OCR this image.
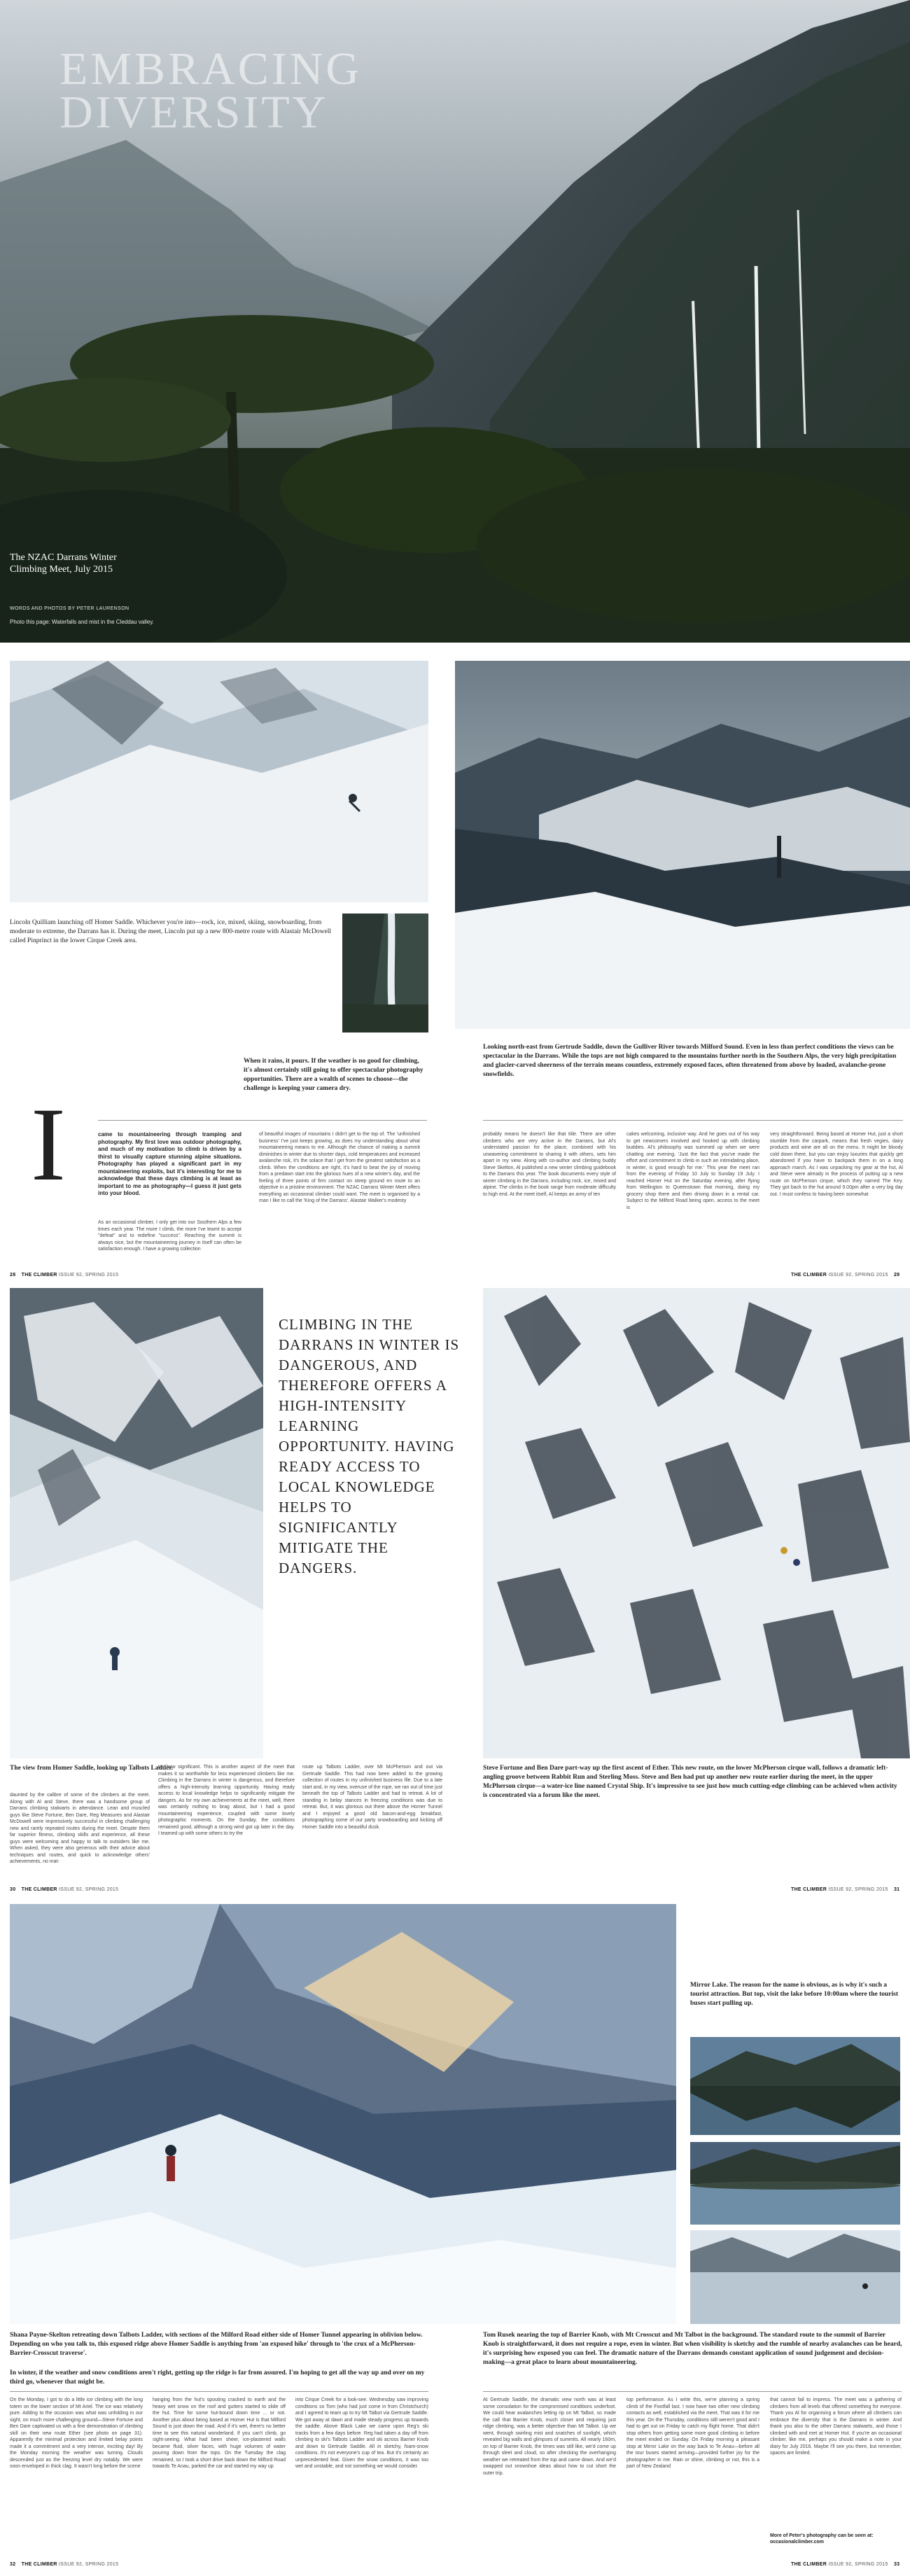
EMBRACING DIVERSITY
The NZAC Darrans Winter Climbing Meet, July 2015
WORDS AND PHOTOS BY PETER LAURENSON
Photo this page: Waterfalls and mist in the Cleddau valley.
Lincoln Quilliam launching off Homer Saddle. Whichever you're into—rock, ice, mixed, skiing, snowboarding, from moderate to extreme, the Darrans has it. During the meet, Lincoln put up a new 800-metre route with Alastair McDowell called Pinprinct in the lower Cirque Creek area.
Looking north-east from Gertrude Saddle, down the Gulliver River towards Milford Sound. Even in less than perfect conditions the views can be spectacular in the Darrans. While the tops are not high compared to the mountains further north in the Southern Alps, the very high precipitation and glacier-carved sheerness of the terrain means countless, extremely exposed faces, often threatened from above by loaded, avalanche-prone snowfields.
When it rains, it pours. If the weather is no good for climbing, it's almost certainly still going to offer spectacular photography opportunities. There are a wealth of scenes to choose—the challenge is keeping your camera dry.
I	came to mountaineering through tramping and photography. My first love was outdoor photography, and much of my motivation to climb is driven by a thirst to visually capture stunning alpine situations. Photography has played a significant part in my mountaineering exploits, but it's interesting for me to acknowledge that these days climbing is at least as important to me as photography—I guess it just gets into your blood.
As an occasional climber, I only get into our Southern Alps a few times each year. The more I climb, the more I've learnt to accept "defeat" and to redefine "success". Reaching the summit is always nice, but the mountaineering journey in itself can often be satisfaction enough. I have a growing collection
of beautiful images of mountains I didn't get to the top of. The 'unfinished business' I've just keeps growing, as does my understanding about what mountaineering means to me. Although the chance of making a summit diminishes in winter due to shorter days, cold temperatures and increased avalanche risk, it's the solace that I get from the greatest satisfaction as a climb. When the conditions are right, it's hard to beat the joy of moving from a predawn start into the glorious hues of a new winter's day, and the feeling of three points of firm contact on steep ground en route to an objective in a pristine environment. The NZAC Darrans Winter Meet offers everything an occasional climber could want. The meet is organised by a man I like to call the 'King of the Darrans'. Alastair Walker's modesty
probably means he doesn't like that title. There are other climbers who are very active in the Darrans, but Al's understated passion for the place, combined with his unwavering commitment to sharing it with others, sets him apart in my view. Along with co-author and climbing buddy Steve Skelton, Al published a new winter climbing guidebook to the Darrans this year. The book documents every style of winter climbing in the Darrans, including rock, ice, mixed and alpine. The climbs in the book range from moderate difficulty to high end. At the meet itself, Al keeps an army of ten
cakes welcoming, inclusive way. And he goes out of his way to get newcomers involved and hooked up with climbing buddies. Al's philosophy was summed up when we were chatting one evening. 'Just the fact that you've made the effort and commitment to climb in such an intimidating place, in winter, is good enough for me.' This year the meet ran from the evening of Friday 10 July to Sunday 19 July. I reached Homer Hut on the Saturday evening, after flying from Wellington to Queenstown that morning, doing my grocery shop there and then driving down in a rental car. Subject to the Milford Road being open, access to the meet is
very straightforward. Being based at Homer Hut, just a short stumble from the carpark, means that fresh vegies, dairy products and wine are all on the menu. It might be bloody cold down there, but you can enjoy luxuries that quickly get abandoned if you have to backpack them in on a long approach march. As I was unpacking my gear at the hut, Al and Steve were already in the process of putting up a new route on McPherson cirque, which they named The Key. They got back to the hut around 9.00pm after a very big day out. I must confess to having been somewhat
28 THE CLIMBER ISSUE 92, SPRING 2015	THE CLIMBER ISSUE 92, SPRING 2015 29
CLIMBING IN THE DARRANS IN WINTER IS DANGEROUS, AND THEREFORE OFFERS A HIGH-INTENSITY LEARNING OPPORTUNITY. HAVING READY ACCESS TO LOCAL KNOWLEDGE HELPS TO SIGNIFICANTLY MITIGATE THE DANGERS.
The view from Homer Saddle, looking up Talbots Ladder.	Steve Fortune and Ben Dare part-way up the first ascent of Ether. This new route, on the lower McPherson cirque wall, follows a dramatic left-angling groove between Rabbit Run and Sterling Moss. Steve and Ben had put up another new route earlier during the meet, in the upper McPherson cirque—a water-ice line named Crystal Ship. It's impressive to see just how much cutting-edge climbing can be achieved when activity is concentrated via a forum like the meet.
daunted by the calibre of some of the climbers at the meet. Along with Al and Steve, there was a handsome group of Darrans climbing stalwarts in attendance. Lean and muscled guys like Steve Fortune, Ben Dare, Reg Measures and Alastair McDowell were impressively successful in climbing challenging new and rarely repeated routes during the meet. Despite them far superior fitness, climbing skills and experience, all these guys were welcoming and happy to talk to outsiders like me. When asked, they were also generous with their advice about techniques and routes, and quick to acknowledge others' achievements, no mat-
ter how significant. This is another aspect of the meet that makes it so worthwhile for less experienced climbers like me. Climbing in the Darrans in winter is dangerous, and therefore offers a high-intensity learning opportunity. Having ready access to local knowledge helps to significantly mitigate the dangers. As for my own achievements at the meet, well, there was certainly nothing to brag about, but I had a good mountaineering experience, coupled with some lovely photographic moments. On the Sunday, the conditions remained good, although a strong wind got up later in the day. I teamed up with some others to try the
route up Talbots Ladder, over Mt McPherson and out via Gertrude Saddle. This had now been added to the growing collection of routes in my unfinished business file. Due to a late start and, in my view, overuse of the rope, we ran out of time just beneath the top of Talbots Ladder and had to retreat. A lot of standing in belay stances in freezing conditions was due to retreat. But, it was glorious out there above the Homer Tunnel and I enjoyed a good old bacon-and-egg breakfast, photographing some of our party snowboarding and kicking off Homer Saddle into a beautiful dusk.
30 THE CLIMBER ISSUE 92, SPRING 2015	THE CLIMBER ISSUE 92, SPRING 2015 31
Mirror Lake. The reason for the name is obvious, as is why it's such a tourist attraction. But top, visit the lake before 10:00am where the tourist buses start pulling up.
Shana Payne-Skelton retreating down Talbots Ladder, with sections of the Milford Road either side of Homer Tunnel appearing in oblivion below. Depending on who you talk to, this exposed ridge above Homer Saddle is anything from 'an exposed hike' through to 'the crux of a McPherson-Barrier-Crosscut traverse'.
In winter, if the weather and snow conditions aren't right, getting up the ridge is far from assured. I'm hoping to get all the way up and over on my third go, whenever that might be.
Tom Rusek nearing the top of Barrier Knob, with Mt Crosscut and Mt Talbot in the background. The standard route to the summit of Barrier Knob is straightforward, it does not require a rope, even in winter. But when visibility is sketchy and the rumble of nearby avalanches can be heard, it's surprising how exposed you can feel. The dramatic nature of the Darrans demands constant application of sound judgement and decision-making—a great place to learn about mountaineering.
On the Monday, I got to do a little ice climbing with the long totem on the lower section of Mt Ariel. The ice was relatively pure. Adding to the occasion was what was unfolding in our sight, on much more challenging ground—Steve Fortune and Ben Dare captivated us with a fine demonstration of climbing skill on their new route Ether (see photo on page 31). Apparently the minimal protection and limited belay points made it a commitment and a very intense, exciting day! By the Monday morning the weather was turning. Clouds descended just as the freezing level dry notably. We were soon enveloped in thick clag. It wasn't long before the scene
hanging from the hut's spouting cracked to earth and the heavy wet snow on the roof and gutters started to slide off the hut. Time for some hut-bound down time ... or not. Another plus about being based at Homer Hut is that Milford Sound is just down the road. And if it's wet, there's no better time to see this natural wonderland. If you can't climb, go sight-seeing. What had been sheer, ice-plastered walls became fluid, silver faces, with huge volumes of water pouring down from the tops. On the Tuesday the clag remained, so I took a short drive back down the Milford Road towards Te Anau, parked the car and started my way up
into Cirque Creek for a look-see. Wednesday saw improving conditions so Tom (who had just come in from Christchurch) and I agreed to team up to try Mt Talbot via Gertrude Saddle. We got away at dawn and made steady progress up towards the saddle. Above Black Lake we came upon Reg's ski tracks from a few days before. Reg had taken a day off from climbing to ski's Talbots Ladder and ski across Barrier Knob and down to Gertrude Saddle. All in sketchy, foam-snow conditions. It's not everyone's cup of tea. But it's certainly an unprecedented feat. Given the snow conditions, it was too wet and unstable, and not something we would consider.
At Gertrude Saddle, the dramatic view north was at least some consolation for the compromised conditions underfoot. We could hear avalanches letting rip on Mt Talbot, so made the call that Barrier Knob, much closer and requiring just ridge climbing, was a better objective than Mt Talbot. Up we went, through swirling mist and snatches of sunlight, which revealed big walls and glimpses of summits. All nearly 160m, on top of Barrier Knob, the times was still like, we'd come up through sleet and cloud, so after checking the overhanging weather we retreated from the top and came down. And we'd swapped out snowshoe ideas about how to cut short the outer trip.
top performance. As I write this, we're planning a spring climb of the Footfall last. I now have two other new climbing contacts as well, established via the meet. That was it for me this year. On the Thursday, conditions still weren't good and I had to get out on Friday to catch my flight home. That didn't stop others from getting some more good climbing in before the meet ended on Sunday. On Friday morning a pleasant stop at Mirror Lake on the way back to Te Anau—before all the tour buses started arriving—provided further joy for the photographer in me. Rain or shine, climbing or not, this is a part of New Zealand
that cannot fail to impress. The meet was a gathering of climbers from all levels that offered something for everyone. Thank you Al for organising a forum where all climbers can embrace the diversity that is the Darrans in winter. And thank you also to the other Darrans stalwarts, and those I climbed with and met at Homer Hut. If you're an occasional climber, like me, perhaps you should make a note in your diary for July 2016. Maybe I'll see you there, but remember, spaces are limited.
More of Peter's photography can be seen at: occasionalclimber.com
32 THE CLIMBER ISSUE 92, SPRING 2015	THE CLIMBER ISSUE 92, SPRING 2015 33
